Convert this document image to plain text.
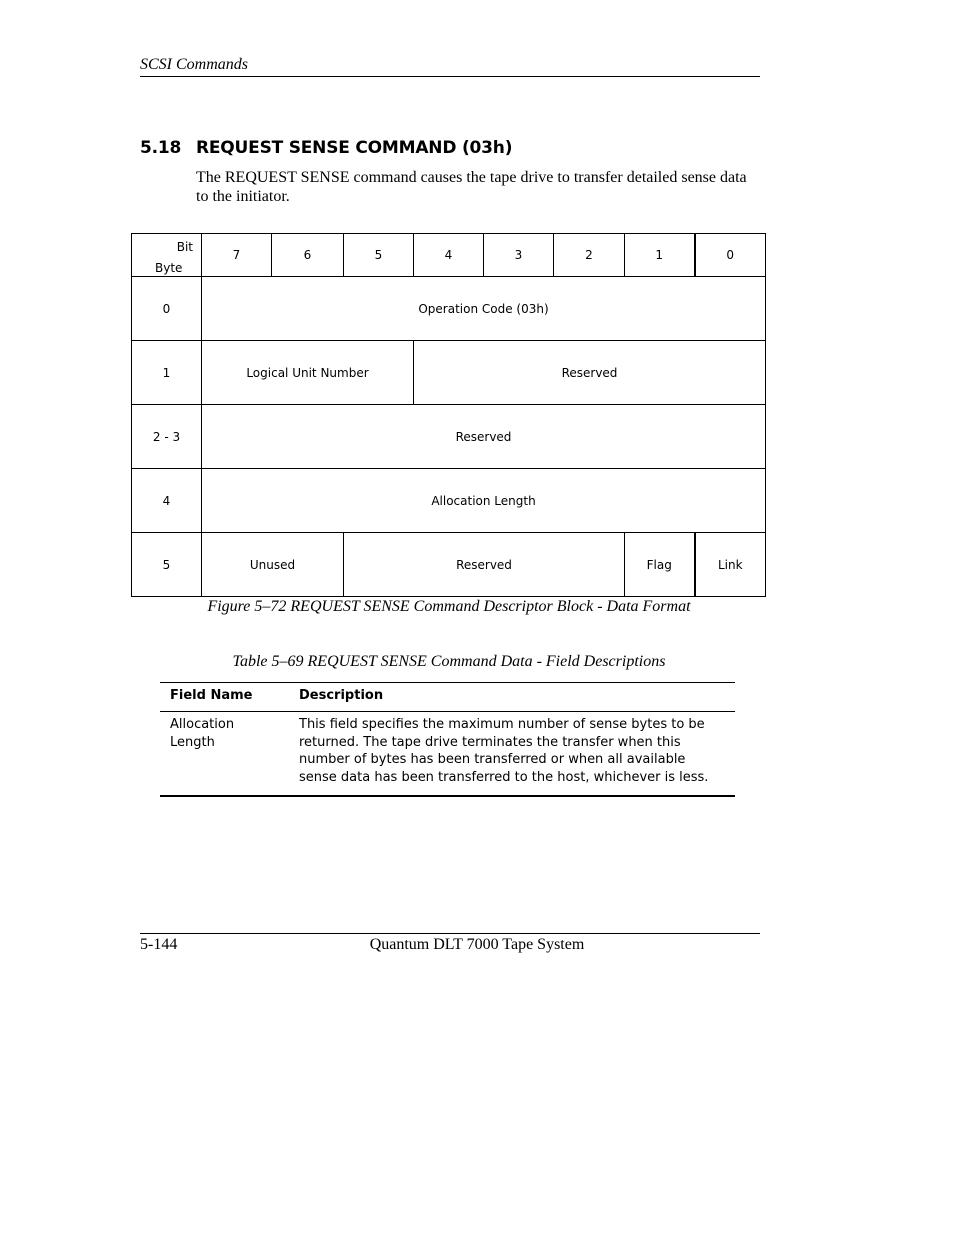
SCSI Commands
5.18 REQUEST SENSE COMMAND (03h)
The REQUEST SENSE command causes the tape drive to transfer detailed sense data to the initiator.
Bit
Byte	7	6	5	4	3	2	1	0
0	Operation Code (03h)							
1	Logical Unit Number			Reserved				
2 - 3	Reserved							
4	Allocation Length							
5	Unused		Reserved				Flag	Link
Figure 5–72 REQUEST SENSE Command Descriptor Block - Data Format
Table 5–69 REQUEST SENSE Command Data - Field Descriptions
Field Name	Description
Allocation Length	This field specifies the maximum number of sense bytes to be returned. The tape drive terminates the transfer when this number of bytes has been transferred or when all available sense data has been transferred to the host, whichever is less.
5-144	Quantum DLT 7000 Tape System
